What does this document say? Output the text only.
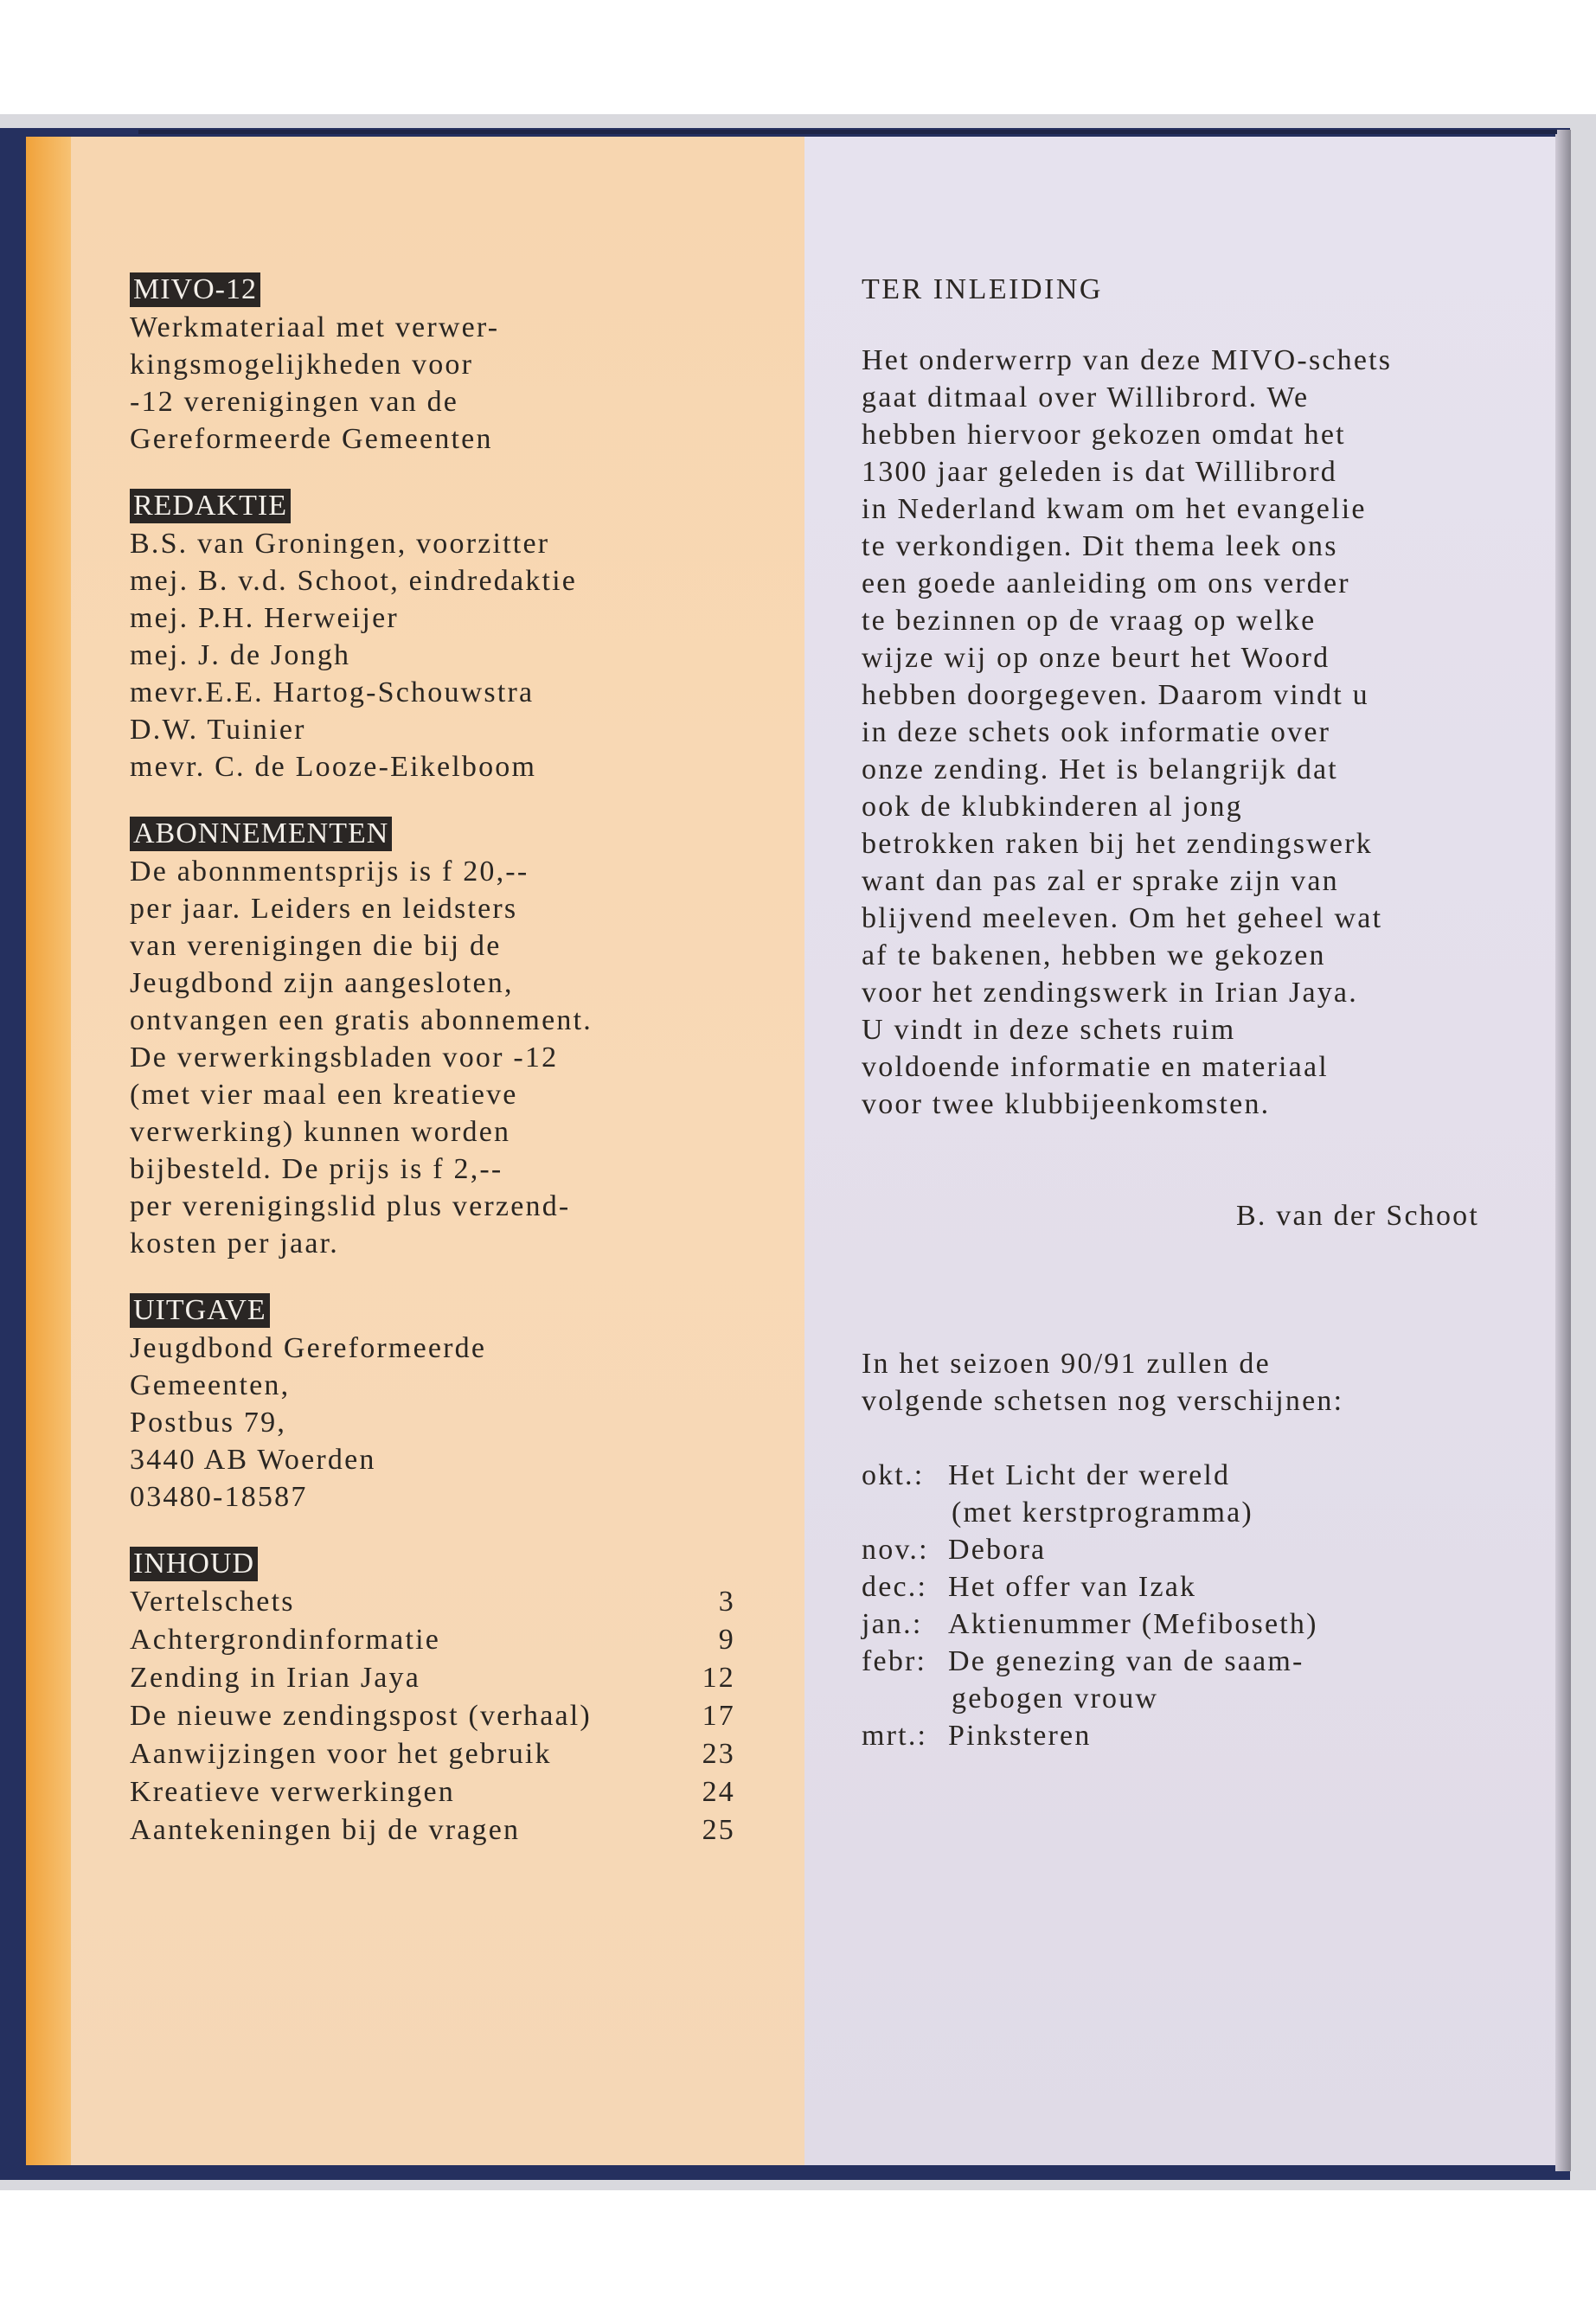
MIVO-12
Werkmateriaal met verwer-
kingsmogelijkheden voor
-12 verenigingen van de
Gereformeerde Gemeenten
REDAKTIE
B.S. van Groningen, voorzitter
mej. B. v.d. Schoot, eindredaktie
mej. P.H. Herweijer
mej. J. de Jongh
mevr.E.E. Hartog-Schouwstra
D.W. Tuinier
mevr. C. de Looze-Eikelboom
ABONNEMENTEN
De abonnmentsprijs is f 20,--
per jaar. Leiders en leidsters
van verenigingen die bij de
Jeugdbond zijn aangesloten,
ontvangen een gratis abonnement.
De verwerkingsbladen voor -12
(met vier maal een kreatieve
verwerking) kunnen worden
bijbesteld. De prijs is f 2,--
per verenigingslid plus verzend-
kosten per jaar.
UITGAVE
Jeugdbond Gereformeerde
Gemeenten,
Postbus 79,
3440 AB Woerden
03480-18587
INHOUD
Vertelschets	3
Achtergrondinformatie	9
Zending in Irian Jaya	12
De nieuwe zendingspost (verhaal)	17
Aanwijzingen voor het gebruik	23
Kreatieve verwerkingen	24
Aantekeningen bij de vragen	25
TER INLEIDING
Het onderwerrp van deze MIVO-schets
gaat ditmaal over Willibrord. We
hebben hiervoor gekozen omdat het
1300 jaar geleden is dat Willibrord
in Nederland kwam om het evangelie
te verkondigen. Dit thema leek ons
een goede aanleiding om ons verder
te bezinnen op de vraag op welke
wijze wij op onze beurt het Woord
hebben doorgegeven. Daarom vindt u
in deze schets ook informatie over
onze zending. Het is belangrijk dat
ook de klubkinderen al jong
betrokken raken bij het zendingswerk
want dan pas zal er sprake zijn van
blijvend meeleven. Om het geheel wat
af te bakenen, hebben we gekozen
voor het zendingswerk in Irian Jaya.
U vindt in deze schets ruim
voldoende informatie en materiaal
voor twee klubbijeenkomsten.
B. van der Schoot
In het seizoen 90/91 zullen de
volgende schetsen nog verschijnen:
okt.: Het Licht der wereld
(met kerstprogramma)
nov.: Debora
dec.: Het offer van Izak
jan.: Aktienummer (Mefiboseth)
febr: De genezing van de saam-
gebogen vrouw
mrt.: Pinksteren
